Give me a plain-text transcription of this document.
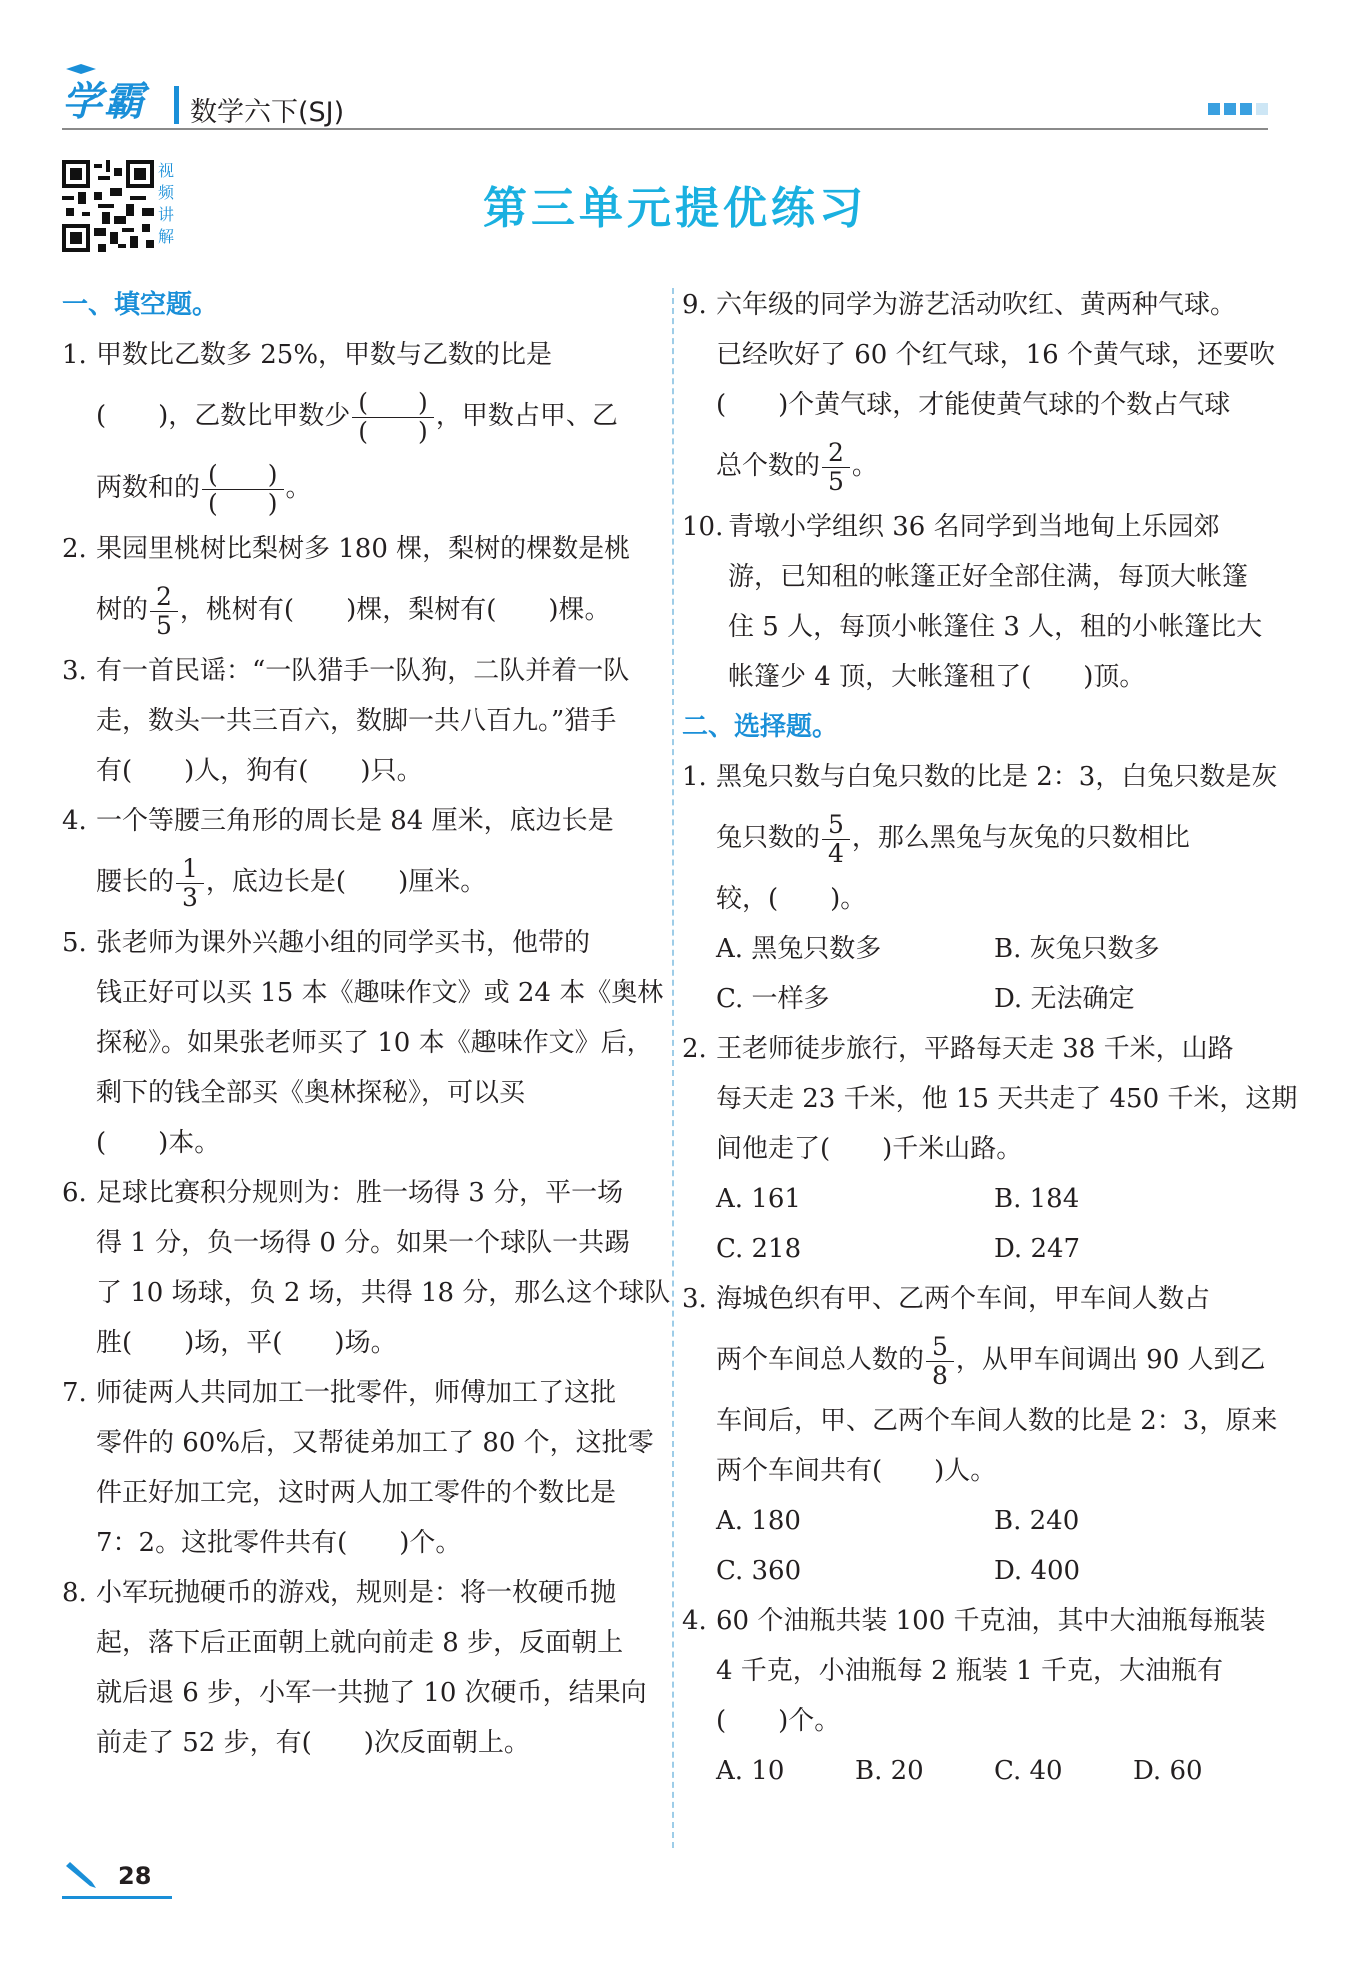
学霸 数学六下(SJ)
视频讲解
第三单元提优练习
一、填空题。
1. 甲数比乙数多 25%，甲数与乙数的比是
(　　)，乙数比甲数少 $\frac{( )}{( )}$ ，甲数占甲、乙
两数和的 $\frac{( )}{( )}$ 。
2. 果园里桃树比梨树多 180 棵，梨树的棵数是桃
树的 $\frac{2}{5}$ ，桃树有(　　)棵，梨树有(　　)棵。
3. 有一首民谣：“一队猎手一队狗，二队并着一队
走，数头一共三百六，数脚一共八百九。”猎手
有(　　)人，狗有(　　)只。
4. 一个等腰三角形的周长是 84 厘米，底边长是
腰长的 $\frac{1}{3}$ ，底边长是(　　)厘米。
5. 张老师为课外兴趣小组的同学买书，他带的
钱正好可以买 15 本《趣味作文》或 24 本《奥林
探秘》。如果张老师买了 10 本《趣味作文》后，
剩下的钱全部买《奥林探秘》，可以买
(　　)本。
6. 足球比赛积分规则为：胜一场得 3 分，平一场
得 1 分，负一场得 0 分。如果一个球队一共踢
了 10 场球，负 2 场，共得 18 分，那么这个球队
胜(　　)场，平(　　)场。
7. 师徒两人共同加工一批零件，师傅加工了这批
零件的 60%后，又帮徒弟加工了 80 个，这批零
件正好加工完，这时两人加工零件的个数比是
7：2。这批零件共有(　　)个。
8. 小军玩抛硬币的游戏，规则是：将一枚硬币抛
起，落下后正面朝上就向前走 8 步，反面朝上
就后退 6 步，小军一共抛了 10 次硬币，结果向
前走了 52 步，有(　　)次反面朝上。
9. 六年级的同学为游艺活动吹红、黄两种气球。
已经吹好了 60 个红气球，16 个黄气球，还要吹
(　　)个黄气球，才能使黄气球的个数占气球
总个数的 $\frac{2}{5}$ 。
10. 青墩小学组织 36 名同学到当地甸上乐园郊
游，已知租的帐篷正好全部住满，每顶大帐篷
住 5 人，每顶小帐篷住 3 人，租的小帐篷比大
帐篷少 4 顶，大帐篷租了(　　)顶。
二、选择题。
1. 黑兔只数与白兔只数的比是 2：3，白兔只数是灰
兔只数的 $\frac{5}{4}$ ，那么黑兔与灰兔的只数相比
较，(　　)。
A. 黑兔只数多	B. 灰兔只数多
C. 一样多	D. 无法确定
2. 王老师徒步旅行，平路每天走 38 千米，山路
每天走 23 千米，他 15 天共走了 450 千米，这期
间他走了(　　)千米山路。
A. 161	B. 184
C. 218	D. 247
3. 海城色织有甲、乙两个车间，甲车间人数占
两个车间总人数的 $\frac{5}{8}$ ，从甲车间调出 90 人到乙
车间后，甲、乙两个车间人数的比是 2：3，原来
两个车间共有(　　)人。
A. 180	B. 240
C. 360	D. 400
4. 60 个油瓶共装 100 千克油，其中大油瓶每瓶装
4 千克，小油瓶每 2 瓶装 1 千克，大油瓶有
(　　)个。
A. 10	B. 20	C. 40	D. 60
28
